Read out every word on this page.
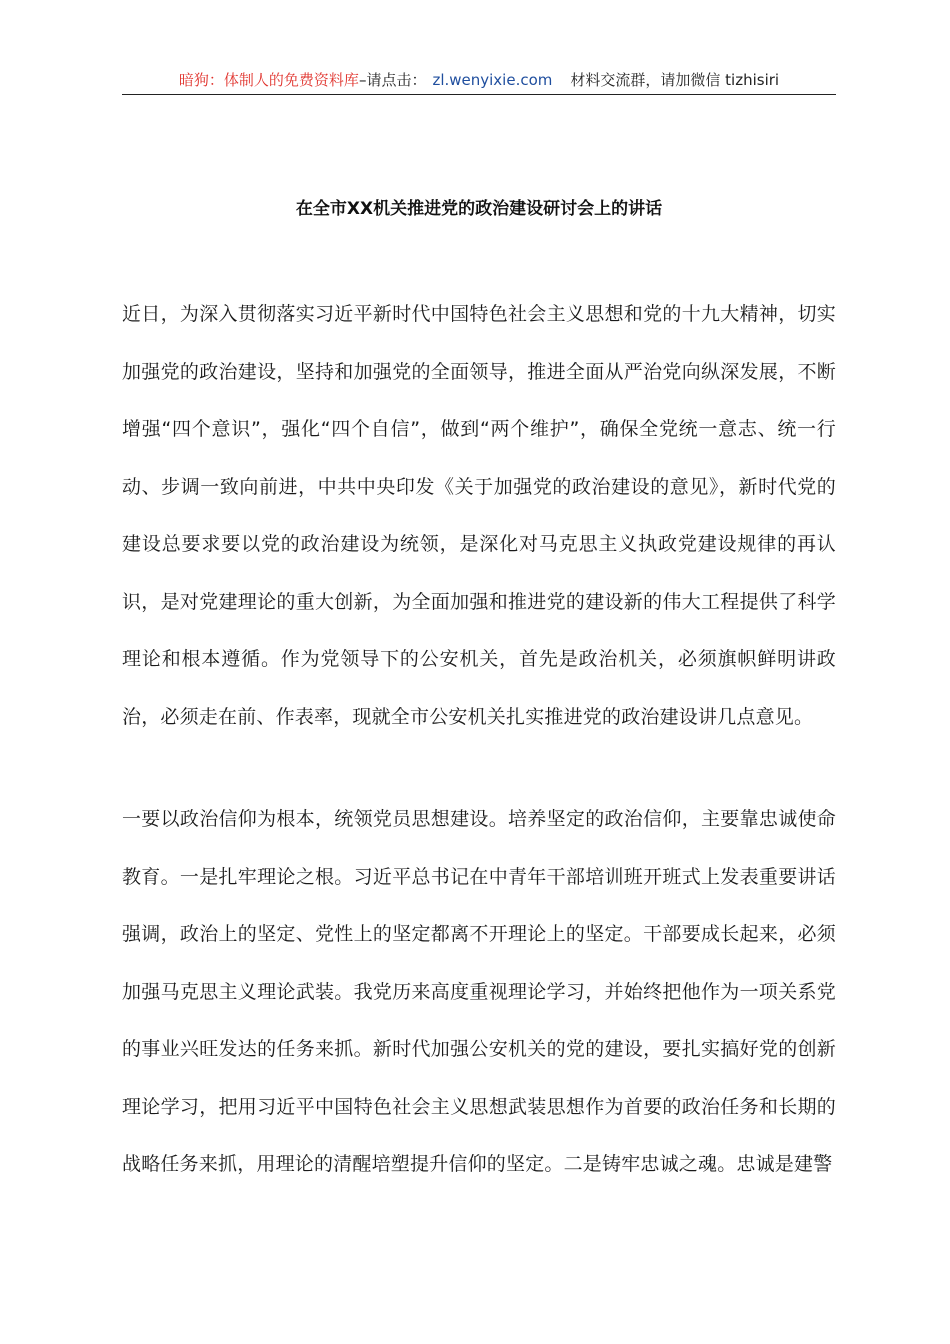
暗狗：体制人的免费资料库–请点击： zl.wenyixie.com 材料交流群，请加微信 tizhisiri
在全市XX机关推进党的政治建设研讨会上的讲话
近日，为深入贯彻落实习近平新时代中国特色社会主义思想和党的十九大精神，切实加强党的政治建设，坚持和加强党的全面领导，推进全面从严治党向纵深发展，不断增强“四个意识”，强化“四个自信”，做到“两个维护”，确保全党统一意志、统一行动、步调一致向前进，中共中央印发《关于加强党的政治建设的意见》，新时代党的建设总要求要以党的政治建设为统领，是深化对马克思主义执政党建设规律的再认识，是对党建理论的重大创新，为全面加强和推进党的建设新的伟大工程提供了科学理论和根本遵循。作为党领导下的公安机关，首先是政治机关，必须旗帜鲜明讲政治，必须走在前、作表率，现就全市公安机关扎实推进党的政治建设讲几点意见。
一要以政治信仰为根本，统领党员思想建设。培养坚定的政治信仰，主要靠忠诚使命教育。一是扎牢理论之根。习近平总书记在中青年干部培训班开班式上发表重要讲话强调，政治上的坚定、党性上的坚定都离不开理论上的坚定。干部要成长起来，必须加强马克思主义理论武装。我党历来高度重视理论学习，并始终把他作为一项关系党的事业兴旺发达的任务来抓。新时代加强公安机关的党的建设，要扎实搞好党的创新理论学习，把用习近平中国特色社会主义思想武装思想作为首要的政治任务和长期的战略任务来抓，用理论的清醒培塑提升信仰的坚定。二是铸牢忠诚之魂。忠诚是建警
